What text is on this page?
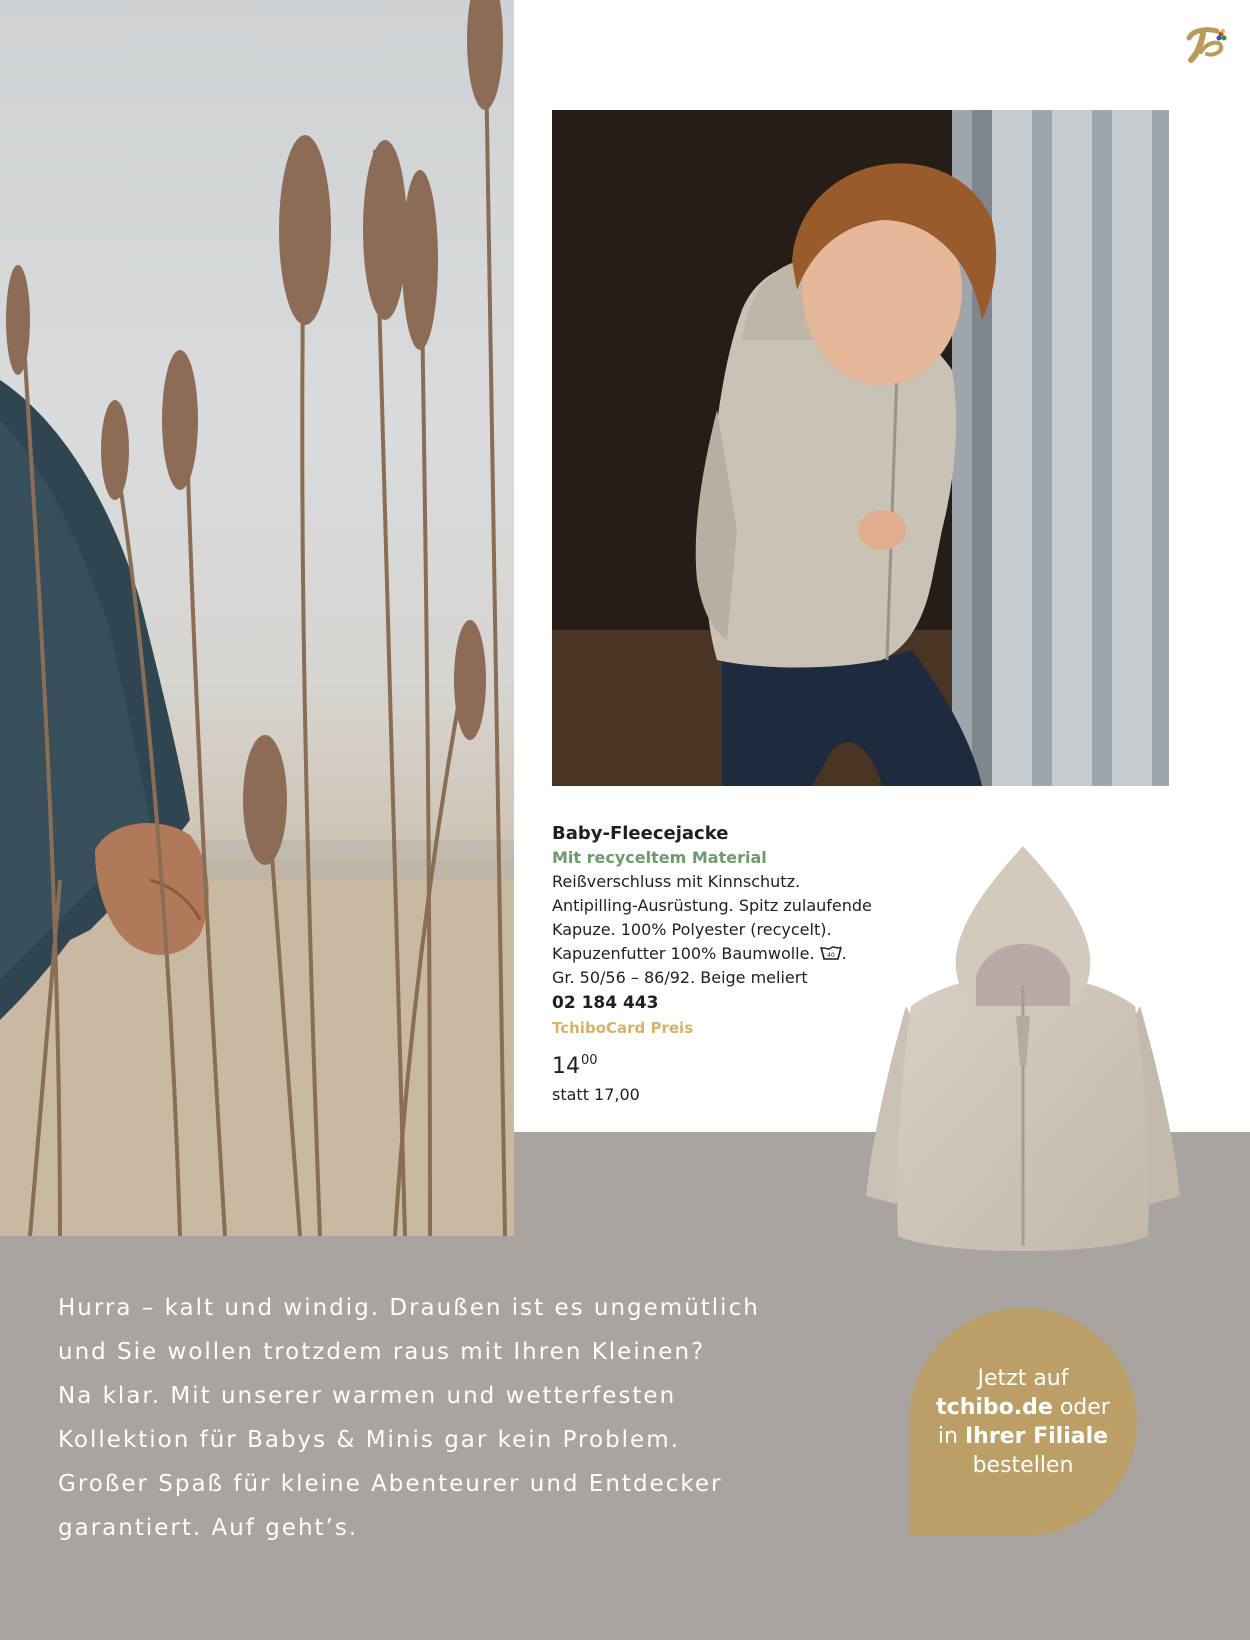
Baby-Fleecejacke
Mit recyceltem Material
Reißverschluss mit Kinnschutz.
Antipilling-Ausrüstung. Spitz zulaufende
Kapuze. 100% Polyester (recycelt).
Kapuzenfutter 100% Baumwolle. 40 .
Gr. 50/56 – 86/92. Beige meliert
02 184 443
TchiboCard Preis
$14^{00}$
statt 17,00
Hurra – kalt und windig. Draußen ist es ungemütlich
und Sie wollen trotzdem raus mit Ihren Kleinen?
Na klar. Mit unserer warmen und wetterfesten
Kollektion für Babys & Minis gar kein Problem.
Großer Spaß für kleine Abenteurer und Entdecker
garantiert. Auf geht’s.
Jetzt auf
tchibo.de oder
in Ihrer Filiale
bestellen
